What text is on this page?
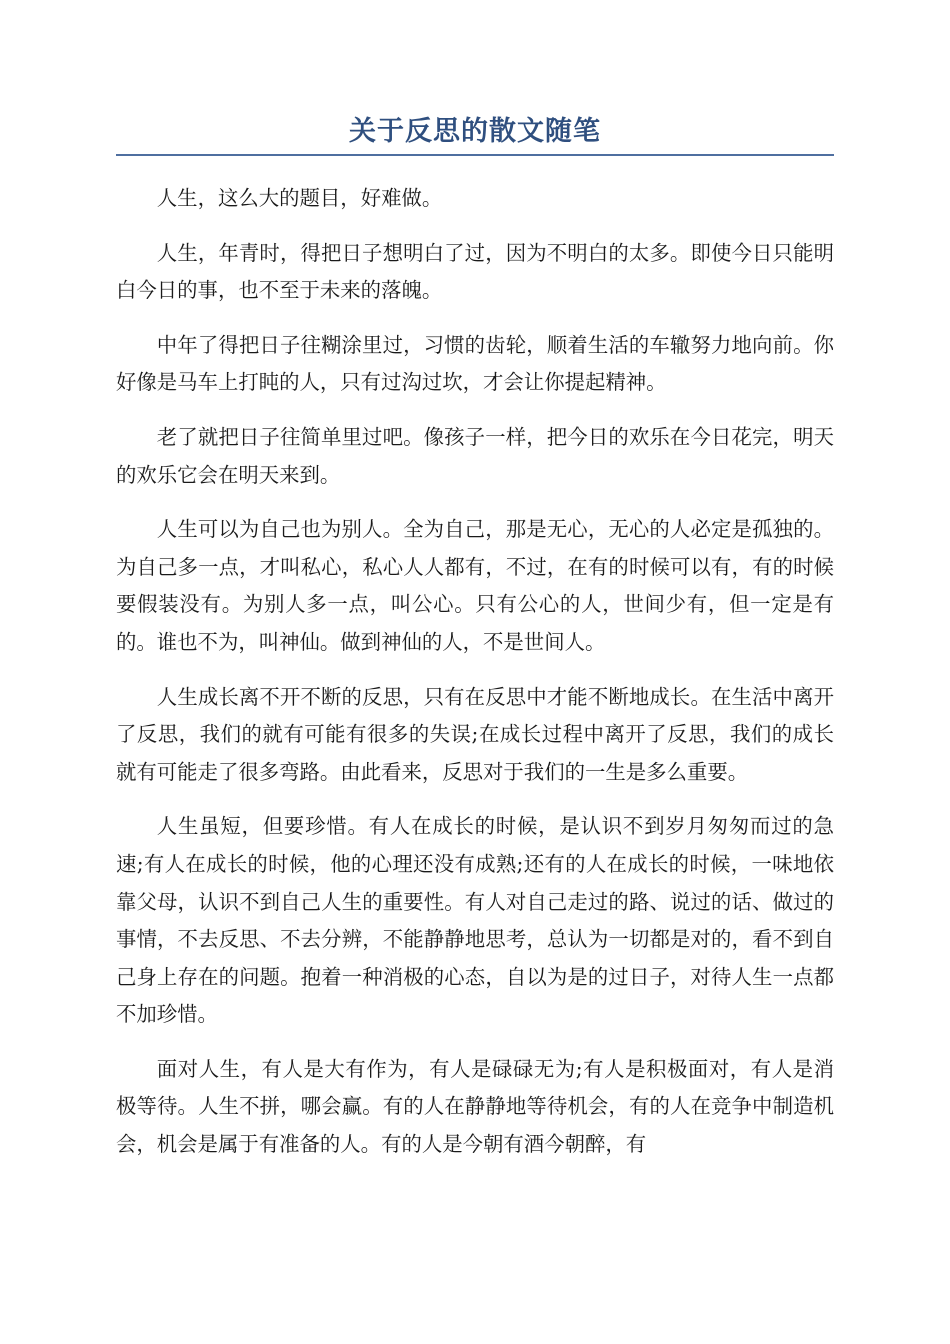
关于反思的散文随笔

人生，这么大的题目，好难做。

人生，年青时，得把日子想明白了过，因为不明白的太多。即使今日只能明白今日的事，也不至于未来的落魄。

中年了得把日子往糊涂里过，习惯的齿轮，顺着生活的车辙努力地向前。你好像是马车上打盹的人，只有过沟过坎，才会让你提起精神。

老了就把日子往简单里过吧。像孩子一样，把今日的欢乐在今日花完，明天的欢乐它会在明天来到。

人生可以为自己也为别人。全为自己，那是无心，无心的人必定是孤独的。为自己多一点，才叫私心，私心人人都有，不过，在有的时候可以有，有的时候要假装没有。为别人多一点，叫公心。只有公心的人，世间少有，但一定是有的。谁也不为，叫神仙。做到神仙的人，不是世间人。

人生成长离不开不断的反思，只有在反思中才能不断地成长。在生活中离开了反思，我们的就有可能有很多的失误;在成长过程中离开了反思，我们的成长就有可能走了很多弯路。由此看来，反思对于我们的一生是多么重要。

人生虽短，但要珍惜。有人在成长的时候，是认识不到岁月匆匆而过的急速;有人在成长的时候，他的心理还没有成熟;还有的人在成长的时候，一味地依靠父母，认识不到自己人生的重要性。有人对自己走过的路、说过的话、做过的事情，不去反思、不去分辨，不能静静地思考，总认为一切都是对的，看不到自己身上存在的问题。抱着一种消极的心态，自以为是的过日子，对待人生一点都不加珍惜。

面对人生，有人是大有作为，有人是碌碌无为;有人是积极面对，有人是消极等待。人生不拼，哪会赢。有的人在静静地等待机会，有的人在竞争中制造机会，机会是属于有准备的人。有的人是今朝有酒今朝醉，有
